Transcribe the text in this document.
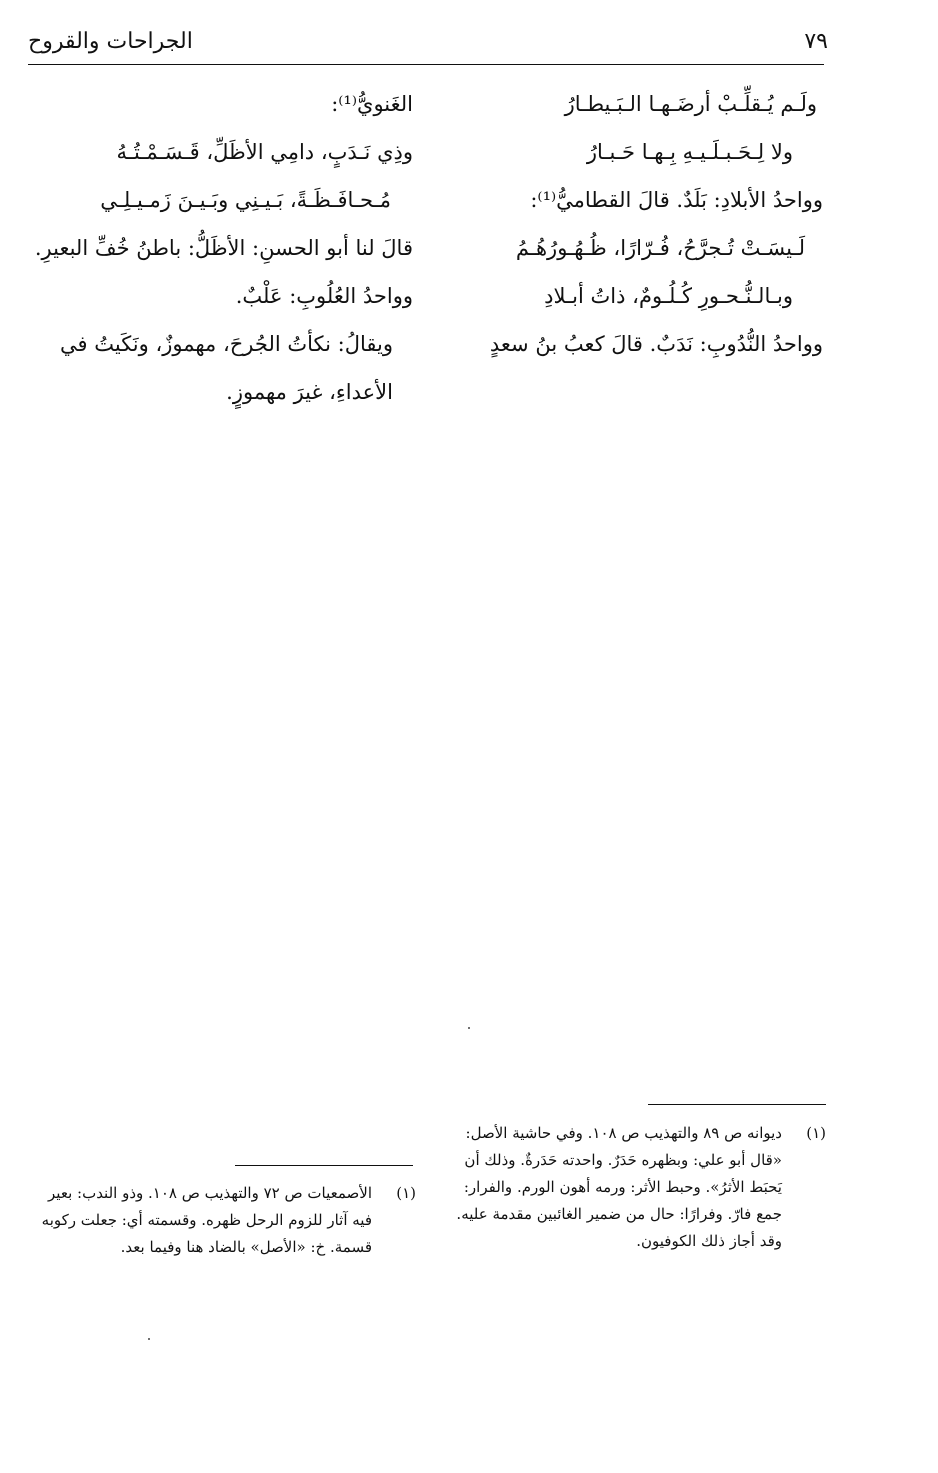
٧٩
الجراحات والقروح
ولَـم يُـقلِّـبْ أرضَـهـا الـبَـيطـارُ
ولا لِـحَـبـلَـيـهِ بِـهـا حَـبـارُ
وواحدُ الأبلادِ: بَلَدٌ. قالَ القطاميُّ⁽¹⁾:
لَـيسَـتْ تُـجرَّحُ، فُـرّارًا، ظُـهُـورُهُـمُ
وبـالـنُّـحـورِ كُـلُـومٌ، ذاتُ أبـلادِ
وواحدُ النُّدُوبِ: نَدَبٌ. قالَ كعبُ بنُ سعدٍ
الغَنويُّ⁽¹⁾:
وذِي نَـدَبٍ، دامِي الأظَلِّ، قَـسَـمْـتُـهُ
مُـحـافَـظَـةً، بَـيـنِي وبَـيـنَ زَمـيـلِـي
قالَ لنا أبو الحسنِ: الأظَلُّ: باطنُ خُفِّ البعيرِ.
وواحدُ العُلُوبِ: عَلْبٌ.
ويقالُ: نكأتُ الجُرحَ، مهموزٌ، ونَكَيتُ في الأعداءِ، غيرَ مهموزٍ.
(١)
ديوانه ص ٨٩ والتهذيب ص ١٠٨. وفي حاشية الأصل: «قال أبو علي: وبظهره حَدَرٌ. واحدته حَدَرةٌ. وذلك أن يَحبَط الأثرُ». وحبط الأثر: ورمه أهون الورم. والفرار: جمع فارّ. وفرارًا: حال من ضمير الغائبين مقدمة عليه. وقد أجاز ذلك الكوفيون.
(١)
الأصمعيات ص ٧٢ والتهذيب ص ١٠٨. وذو الندب: بعير فيه آثار للزوم الرحل ظهره. وقسمته أي: جعلت ركوبه قسمة. خ: «الأصل» بالضاد هنا وفيما بعد.
